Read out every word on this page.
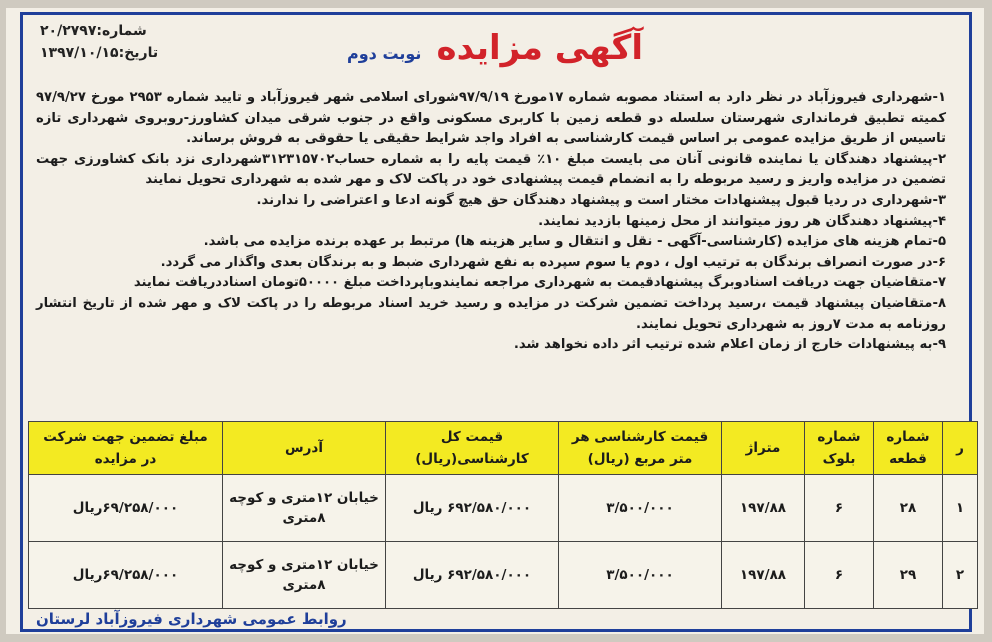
شماره:۲۰/۲۷۹۷
تاریخ:۱۳۹۷/۱۰/۱۵	آگهی مزایده نوبت دوم

۱-شهرداری فیروزآباد در نظر دارد به استناد مصوبه شماره ۱۷مورخ ۹۷/۹/۱۹شورای اسلامی شهر فیروزآباد و تایید شماره ۲۹۵۳ مورخ ۹۷/۹/۲۷ کمیته تطبیق فرمانداری شهرستان سلسله دو قطعه زمین با کاربری مسکونی واقع در جنوب شرقی میدان کشاورز-روبروی شهرداری تازه تاسیس از طریق مزایده عمومی بر اساس قیمت کارشناسی به افراد واجد شرایط حقیقی یا حقوقی به فروش برساند.

۲-پیشنهاد دهندگان یا نماینده قانونی آنان می بایست مبلغ ۱۰٪ قیمت پایه را به شماره حساب۳۱۲۳۱۵۷۰۲شهرداری نزد بانک کشاورزی جهت تضمین در مزایده واریز و رسید مربوطه را به انضمام قیمت پیشنهادی خود در پاکت لاک و مهر شده به شهرداری تحویل نمایند

۳-شهرداری در ردیا قبول پیشنهادات مختار است و پیشنهاد دهندگان حق هیچ گونه ادعا و اعتراضی را ندارند.

۴-پیشنهاد دهندگان هر روز میتوانند از محل زمینها بازدید نمایند.

۵-تمام هزینه های مزایده (کارشناسی-آگهی - نقل و انتقال و سایر هزینه ها) مرتبط بر عهده برنده مزایده می باشد.

۶-در صورت انصراف برندگان به ترتیب اول ، دوم یا سوم سپرده به نفع شهرداری ضبط و به برندگان بعدی واگذار می گردد.

۷-متقاضیان جهت دریافت اسنادوبرگ پیشنهادقیمت به شهرداری مراجعه نمایندوباپرداخت مبلغ ۵۰۰۰۰تومان اسناددریافت نمایند

۸-متقاضیان پیشنهاد قیمت ،رسید پرداخت تضمین شرکت در مزایده و رسید خرید اسناد مربوطه را در پاکت لاک و مهر شده از تاریخ انتشار روزنامه به مدت ۷روز به شهرداری تحویل نمایند.

۹-به پیشنهادات خارج از زمان اعلام شده ترتیب اثر داده نخواهد شد.

ر	شماره قطعه	شماره بلوک	متراژ	قیمت کارشناسی هر متر مربع (ریال)	قیمت کل کارشناسی(ریال)	آدرس	مبلغ تضمین جهت شرکت در مزایده
۱	۲۸	۶	۱۹۷/۸۸	۳/۵۰۰/۰۰۰	۶۹۲/۵۸۰/۰۰۰ ریال	خیابان ۱۲متری و کوچه ۸متری	۶۹/۲۵۸/۰۰۰ریال
۲	۲۹	۶	۱۹۷/۸۸	۳/۵۰۰/۰۰۰	۶۹۲/۵۸۰/۰۰۰ ریال	خیابان ۱۲متری و کوچه ۸متری	۶۹/۲۵۸/۰۰۰ریال
روابط عمومی شهرداری فیروزآباد لرستان
